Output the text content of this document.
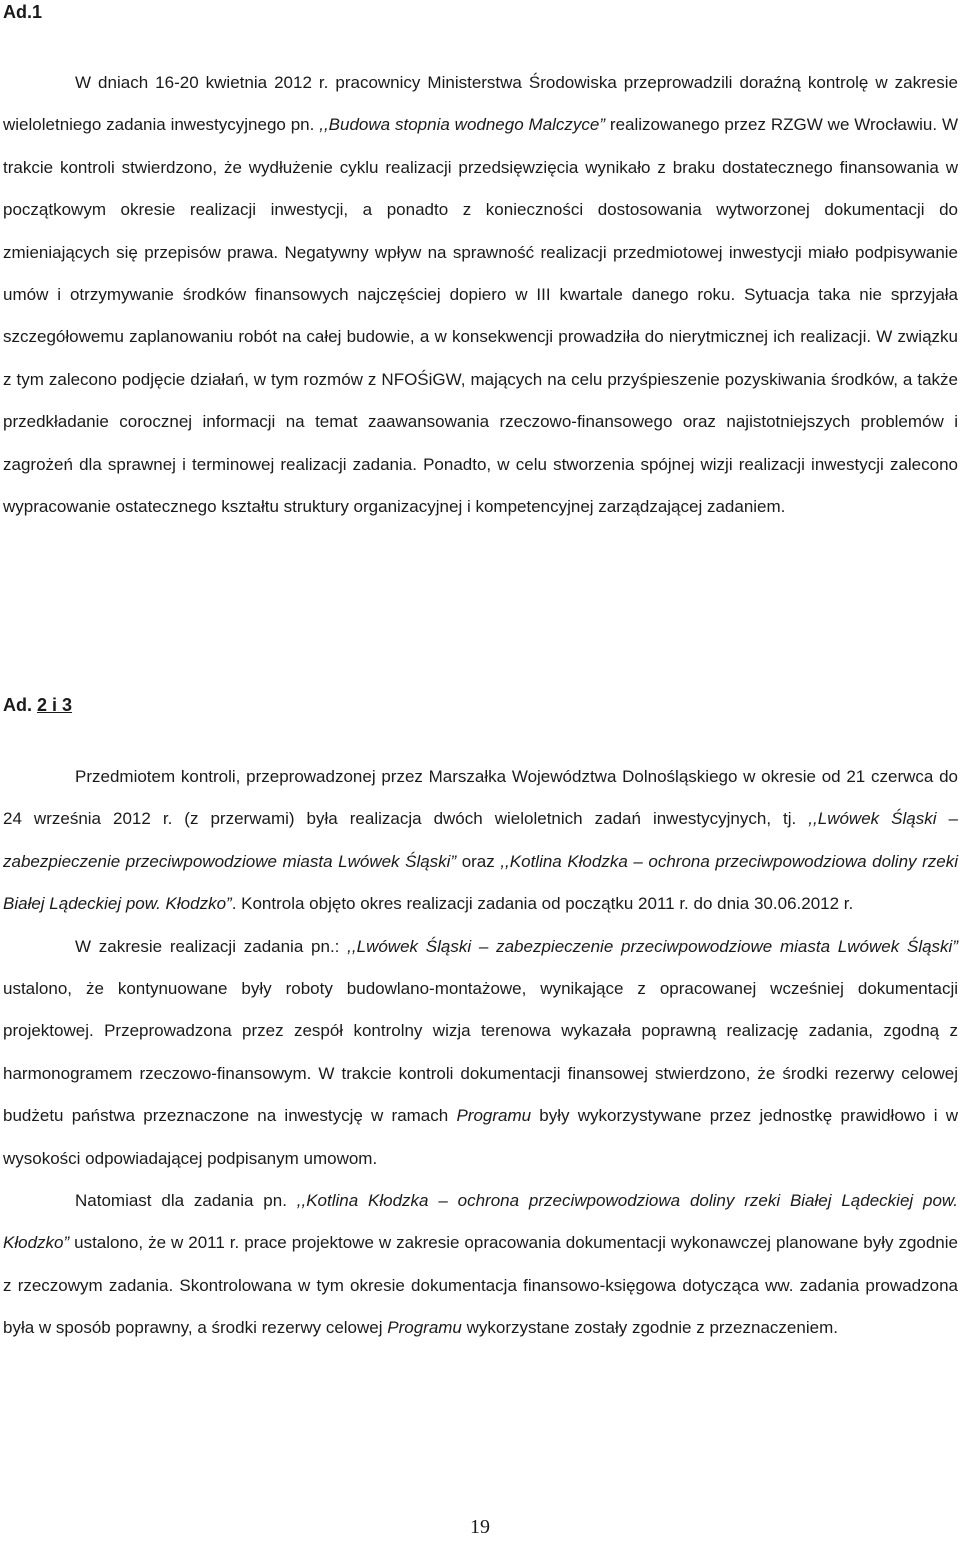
Ad.1

W dniach 16-20 kwietnia 2012 r. pracownicy Ministerstwa Środowiska przeprowadzili doraźną kontrolę w zakresie wieloletniego zadania inwestycyjnego pn. ,,Budowa stopnia wodnego Malczyce” realizowanego przez RZGW we Wrocławiu. W trakcie kontroli stwierdzono, że wydłużenie cyklu realizacji przedsięwzięcia wynikało z braku dostatecznego finansowania w początkowym okresie realizacji inwestycji, a ponadto z konieczności dostosowania wytworzonej dokumentacji do zmieniających się przepisów prawa. Negatywny wpływ na sprawność realizacji przedmiotowej inwestycji miało podpisywanie umów i otrzymywanie środków finansowych najczęściej dopiero w III kwartale danego roku. Sytuacja taka nie sprzyjała szczegółowemu zaplanowaniu robót na całej budowie, a w konsekwencji prowadziła do nierytmicznej ich realizacji. W związku z tym zalecono podjęcie działań, w tym rozmów z NFOŚiGW, mających na celu przyśpieszenie pozyskiwania środków, a także przedkładanie corocznej informacji na temat zaawansowania rzeczowo-finansowego oraz najistotniejszych problemów i zagrożeń dla sprawnej i terminowej realizacji zadania. Ponadto, w celu stworzenia spójnej wizji realizacji inwestycji zalecono wypracowanie ostatecznego kształtu struktury organizacyjnej i kompetencyjnej zarządzającej zadaniem.

Ad. 2 i 3

Przedmiotem kontroli, przeprowadzonej przez Marszałka Województwa Dolnośląskiego w okresie od 21 czerwca do 24 września 2012 r. (z przerwami) była realizacja dwóch wieloletnich zadań inwestycyjnych, tj. ,,Lwówek Śląski – zabezpieczenie przeciwpowodziowe miasta Lwówek Śląski” oraz ,,Kotlina Kłodzka – ochrona przeciwpowodziowa doliny rzeki Białej Lądeckiej pow. Kłodzko”. Kontrola objęto okres realizacji zadania od początku 2011 r. do dnia 30.06.2012 r.

W zakresie realizacji zadania pn.: ,,Lwówek Śląski – zabezpieczenie przeciwpowodziowe miasta Lwówek Śląski” ustalono, że kontynuowane były roboty budowlano-montażowe, wynikające z opracowanej wcześniej dokumentacji projektowej. Przeprowadzona przez zespół kontrolny wizja terenowa wykazała poprawną realizację zadania, zgodną z harmonogramem rzeczowo-finansowym. W trakcie kontroli dokumentacji finansowej stwierdzono, że środki rezerwy celowej budżetu państwa przeznaczone na inwestycję w ramach Programu były wykorzystywane przez jednostkę prawidłowo i w wysokości odpowiadającej podpisanym umowom.

Natomiast dla zadania pn. ,,Kotlina Kłodzka – ochrona przeciwpowodziowa doliny rzeki Białej Lądeckiej pow. Kłodzko” ustalono, że w 2011 r. prace projektowe w zakresie opracowania dokumentacji wykonawczej planowane były zgodnie z rzeczowym zadania. Skontrolowana w tym okresie dokumentacja finansowo-księgowa dotycząca ww. zadania prowadzona była w sposób poprawny, a środki rezerwy celowej Programu wykorzystane zostały zgodnie z przeznaczeniem.

19
